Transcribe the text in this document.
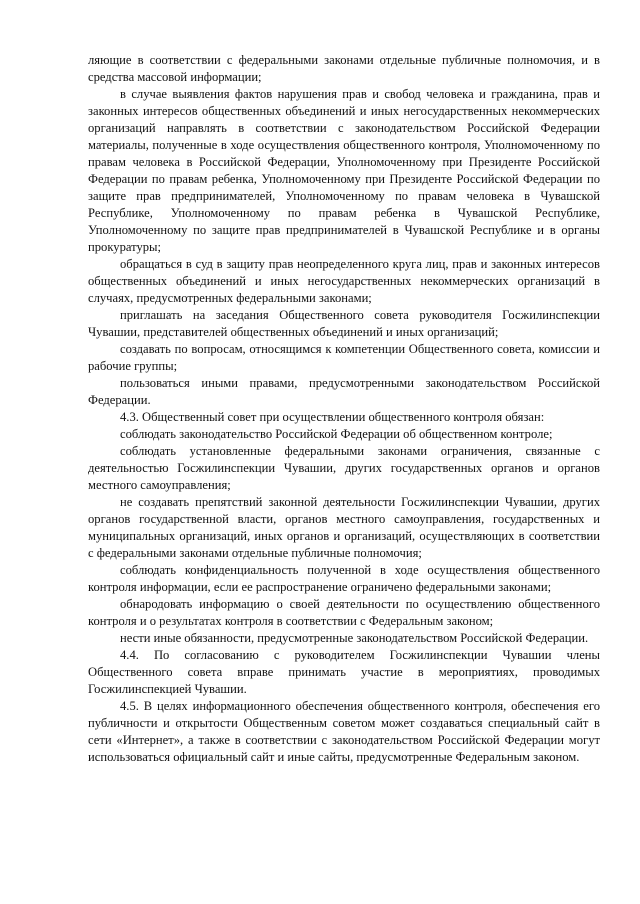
ляющие в соответствии с федеральными законами отдельные публичные полномочия, и в средства массовой информации;

в случае выявления фактов нарушения прав и свобод человека и гражданина, прав и законных интересов общественных объединений и иных негосударственных некоммерческих организаций направлять в соответствии с законодательством Российской Федерации материалы, полученные в ходе осуществления общественного контроля, Уполномоченному по правам человека в Российской Федерации, Уполномоченному при Президенте Российской Федерации по правам ребенка, Уполномоченному при Президенте Российской Федерации по защите прав предпринимателей, Уполномоченному по правам человека в Чувашской Республике, Уполномоченному по правам ребенка в Чувашской Республике, Уполномоченному по защите прав предпринимателей в Чувашской Республике и в органы прокуратуры;

обращаться в суд в защиту прав неопределенного круга лиц, прав и законных интересов общественных объединений и иных негосударственных некоммерческих организаций в случаях, предусмотренных федеральными законами;

приглашать на заседания Общественного совета руководителя Госжилинспекции Чувашии, представителей общественных объединений и иных организаций;

создавать по вопросам, относящимся к компетенции Общественного совета, комиссии и рабочие группы;

пользоваться иными правами, предусмотренными законодательством Российской Федерации.

4.3. Общественный совет при осуществлении общественного контроля обязан:

соблюдать законодательство Российской Федерации об общественном контроле;

соблюдать установленные федеральными законами ограничения, связанные с деятельностью Госжилинспекции Чувашии, других государственных органов и органов местного самоуправления;

не создавать препятствий законной деятельности Госжилинспекции Чувашии, других органов государственной власти, органов местного самоуправления, государственных и муниципальных организаций, иных органов и организаций, осуществляющих в соответствии с федеральными законами отдельные публичные полномочия;

соблюдать конфиденциальность полученной в ходе осуществления общественного контроля информации, если ее распространение ограничено федеральными законами;

обнародовать информацию о своей деятельности по осуществлению общественного контроля и о результатах контроля в соответствии с Федеральным законом;

нести иные обязанности, предусмотренные законодательством Российской Федерации.

4.4. По согласованию с руководителем Госжилинспекции Чувашии члены Общественного совета вправе принимать участие в мероприятиях, проводимых Госжилинспекцией Чувашии.

4.5. В целях информационного обеспечения общественного контроля, обеспечения его публичности и открытости Общественным советом может создаваться специальный сайт в сети «Интернет», а также в соответствии с законодательством Российской Федерации могут использоваться официальный сайт и иные сайты, предусмотренные Федеральным законом.
